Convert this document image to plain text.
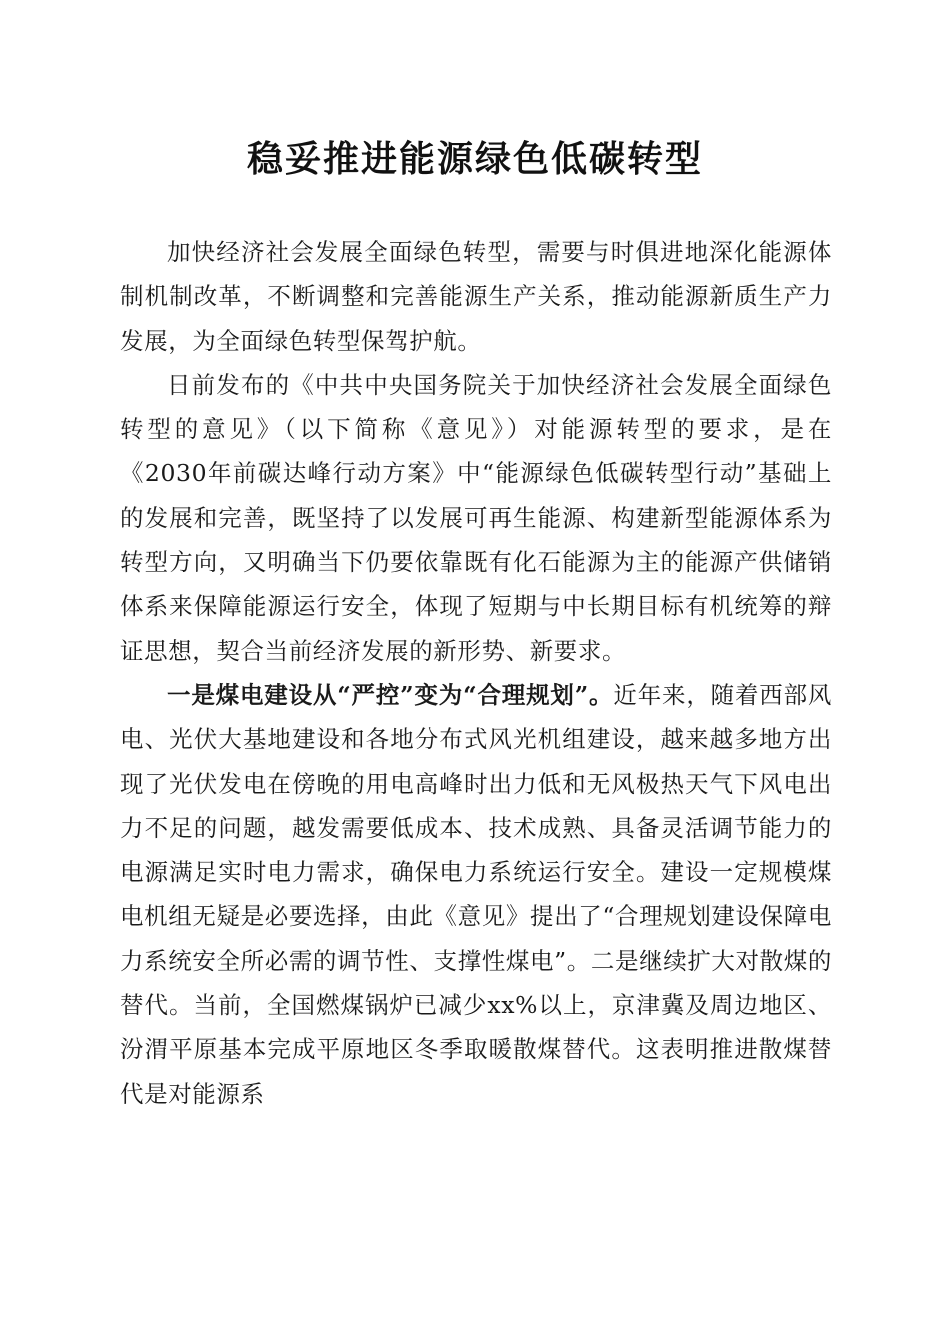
稳妥推进能源绿色低碳转型

加快经济社会发展全面绿色转型，需要与时俱进地深化能源体制机制改革，不断调整和完善能源生产关系，推动能源新质生产力发展，为全面绿色转型保驾护航。

日前发布的《中共中央国务院关于加快经济社会发展全面绿色转型的意见》（以下简称《意见》）对能源转型的要求，是在《2030年前碳达峰行动方案》中“能源绿色低碳转型行动”基础上的发展和完善，既坚持了以发展可再生能源、构建新型能源体系为转型方向，又明确当下仍要依靠既有化石能源为主的能源产供储销体系来保障能源运行安全，体现了短期与中长期目标有机统筹的辩证思想，契合当前经济发展的新形势、新要求。

一是煤电建设从“严控”变为“合理规划”。近年来，随着西部风电、光伏大基地建设和各地分布式风光机组建设，越来越多地方出现了光伏发电在傍晚的用电高峰时出力低和无风极热天气下风电出力不足的问题，越发需要低成本、技术成熟、具备灵活调节能力的电源满足实时电力需求，确保电力系统运行安全。建设一定规模煤电机组无疑是必要选择，由此《意见》提出了“合理规划建设保障电力系统安全所必需的调节性、支撑性煤电”。二是继续扩大对散煤的替代。当前，全国燃煤锅炉已减少xx%以上，京津冀及周边地区、汾渭平原基本完成平原地区冬季取暖散煤替代。这表明推进散煤替代是对能源系
